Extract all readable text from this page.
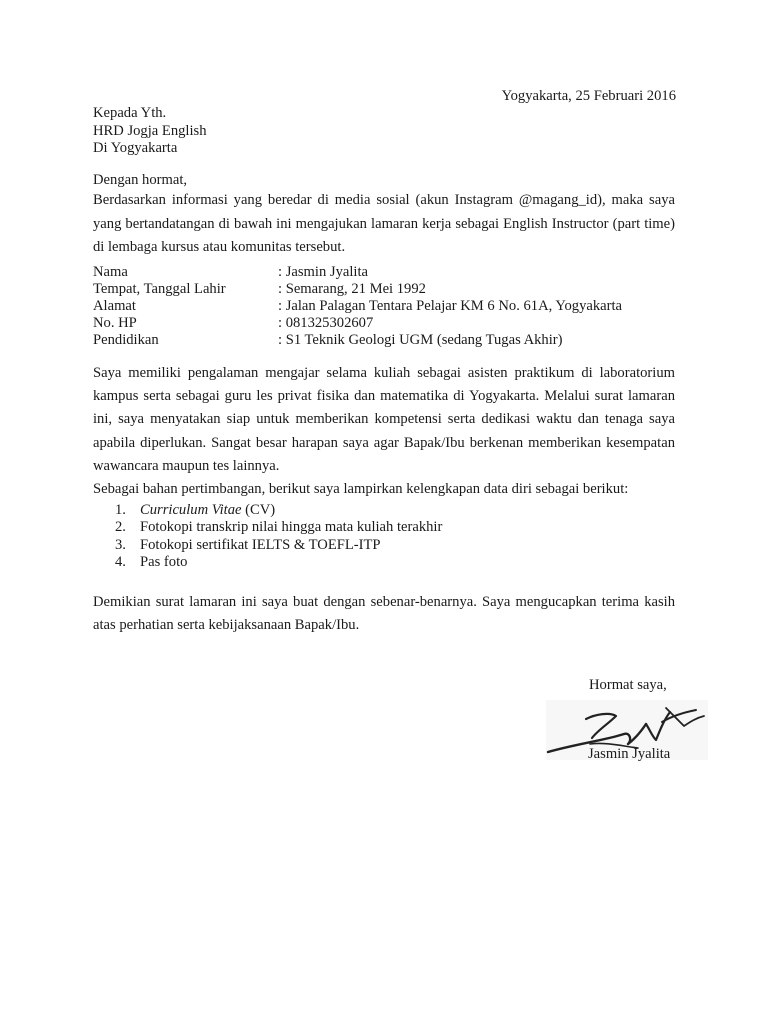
Yogyakarta, 25 Februari 2016
Kepada Yth.
HRD Jogja English
Di Yogyakarta
Dengan hormat,
Berdasarkan informasi yang beredar di media sosial (akun Instagram @magang_id), maka saya yang bertandatangan di bawah ini mengajukan lamaran kerja sebagai English Instructor (part time) di lembaga kursus atau komunitas tersebut.
Nama	: Jasmin Jyalita
Tempat, Tanggal Lahir	: Semarang, 21 Mei 1992
Alamat	: Jalan Palagan Tentara Pelajar KM 6 No. 61A, Yogyakarta
No. HP	: 081325302607
Pendidikan	: S1 Teknik Geologi UGM (sedang Tugas Akhir)
Saya memiliki pengalaman mengajar selama kuliah sebagai asisten praktikum di laboratorium kampus serta sebagai guru les privat fisika dan matematika di Yogyakarta. Melalui surat lamaran ini, saya menyatakan siap untuk memberikan kompetensi serta dedikasi waktu dan tenaga saya apabila diperlukan. Sangat besar harapan saya agar Bapak/Ibu berkenan memberikan kesempatan wawancara maupun tes lainnya.
Sebagai bahan pertimbangan, berikut saya lampirkan kelengkapan data diri sebagai berikut:
1. Curriculum Vitae (CV)
2. Fotokopi transkrip nilai hingga mata kuliah terakhir
3. Fotokopi sertifikat IELTS & TOEFL-ITP
4. Pas foto
Demikian surat lamaran ini saya buat dengan sebenar-benarnya. Saya mengucapkan terima kasih atas perhatian serta kebijaksanaan Bapak/Ibu.
Hormat saya,
Jasmin Jyalita
